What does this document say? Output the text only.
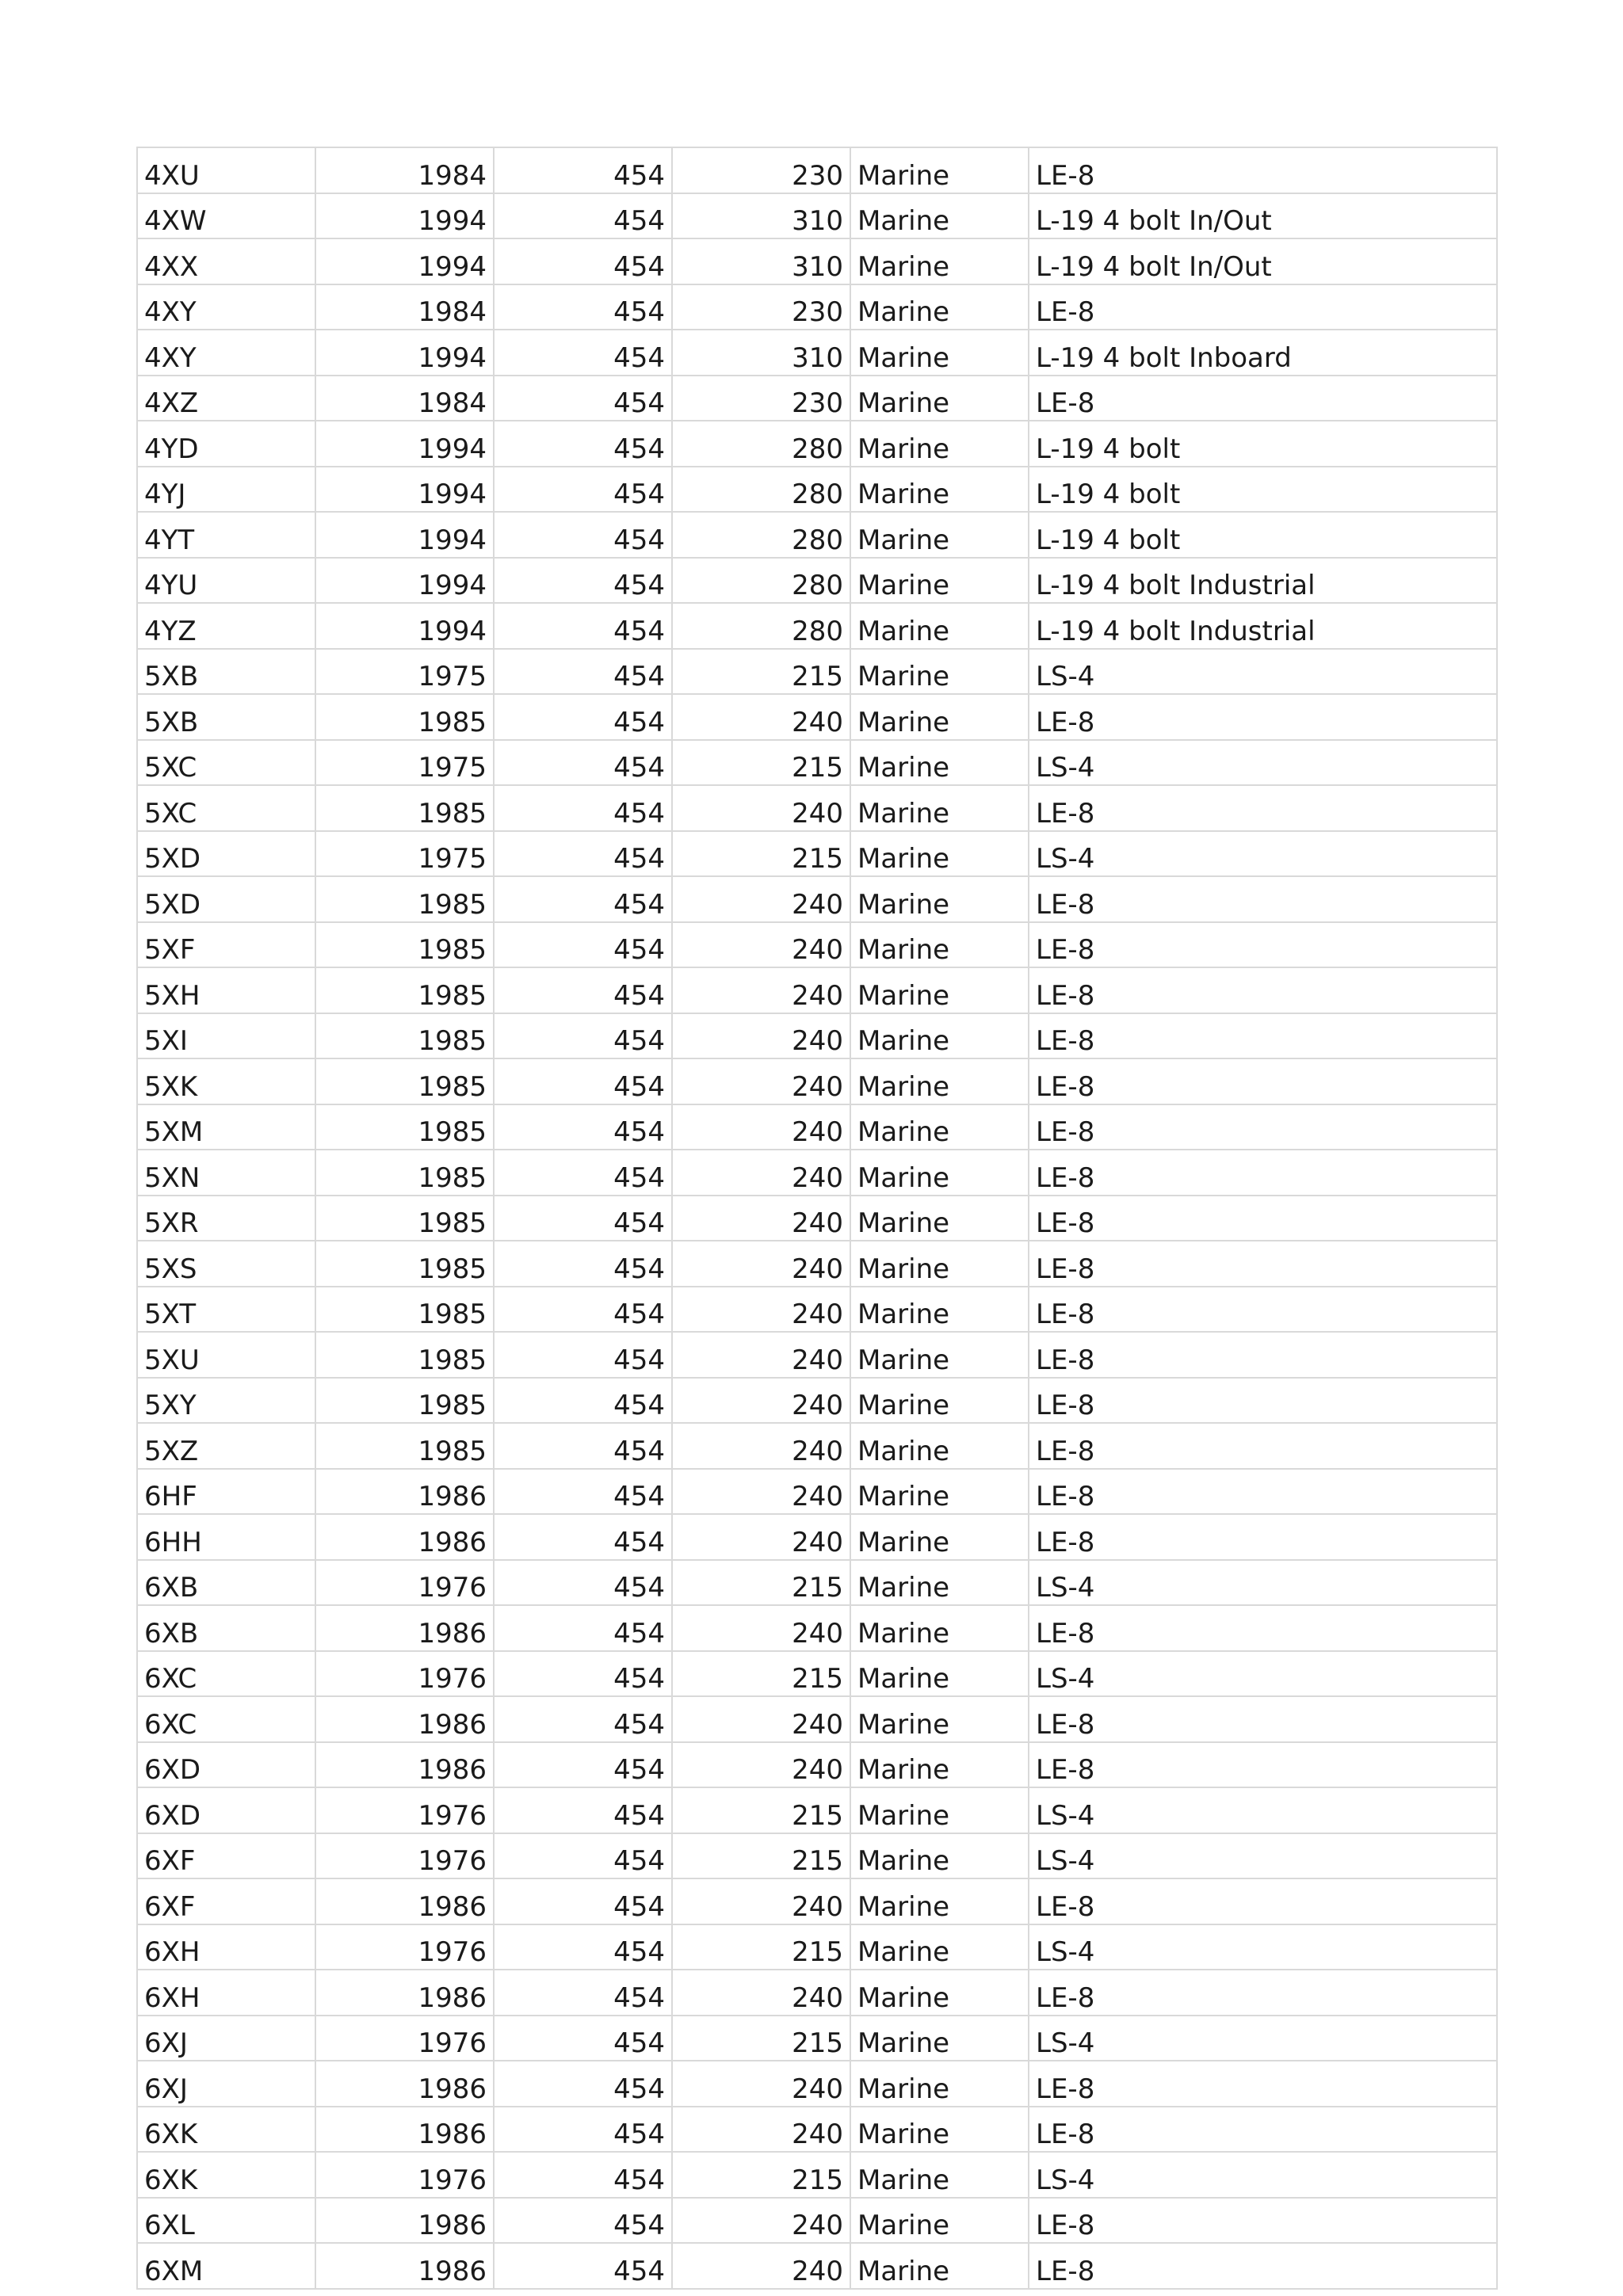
4XU	1984	454	230	Marine	LE-8
4XW	1994	454	310	Marine	L-19 4 bolt In/Out
4XX	1994	454	310	Marine	L-19 4 bolt In/Out
4XY	1984	454	230	Marine	LE-8
4XY	1994	454	310	Marine	L-19 4 bolt Inboard
4XZ	1984	454	230	Marine	LE-8
4YD	1994	454	280	Marine	L-19 4 bolt
4YJ	1994	454	280	Marine	L-19 4 bolt
4YT	1994	454	280	Marine	L-19 4 bolt
4YU	1994	454	280	Marine	L-19 4 bolt Industrial
4YZ	1994	454	280	Marine	L-19 4 bolt Industrial
5XB	1975	454	215	Marine	LS-4
5XB	1985	454	240	Marine	LE-8
5XC	1975	454	215	Marine	LS-4
5XC	1985	454	240	Marine	LE-8
5XD	1975	454	215	Marine	LS-4
5XD	1985	454	240	Marine	LE-8
5XF	1985	454	240	Marine	LE-8
5XH	1985	454	240	Marine	LE-8
5XI	1985	454	240	Marine	LE-8
5XK	1985	454	240	Marine	LE-8
5XM	1985	454	240	Marine	LE-8
5XN	1985	454	240	Marine	LE-8
5XR	1985	454	240	Marine	LE-8
5XS	1985	454	240	Marine	LE-8
5XT	1985	454	240	Marine	LE-8
5XU	1985	454	240	Marine	LE-8
5XY	1985	454	240	Marine	LE-8
5XZ	1985	454	240	Marine	LE-8
6HF	1986	454	240	Marine	LE-8
6HH	1986	454	240	Marine	LE-8
6XB	1976	454	215	Marine	LS-4
6XB	1986	454	240	Marine	LE-8
6XC	1976	454	215	Marine	LS-4
6XC	1986	454	240	Marine	LE-8
6XD	1986	454	240	Marine	LE-8
6XD	1976	454	215	Marine	LS-4
6XF	1976	454	215	Marine	LS-4
6XF	1986	454	240	Marine	LE-8
6XH	1976	454	215	Marine	LS-4
6XH	1986	454	240	Marine	LE-8
6XJ	1976	454	215	Marine	LS-4
6XJ	1986	454	240	Marine	LE-8
6XK	1986	454	240	Marine	LE-8
6XK	1976	454	215	Marine	LS-4
6XL	1986	454	240	Marine	LE-8
6XM	1986	454	240	Marine	LE-8
